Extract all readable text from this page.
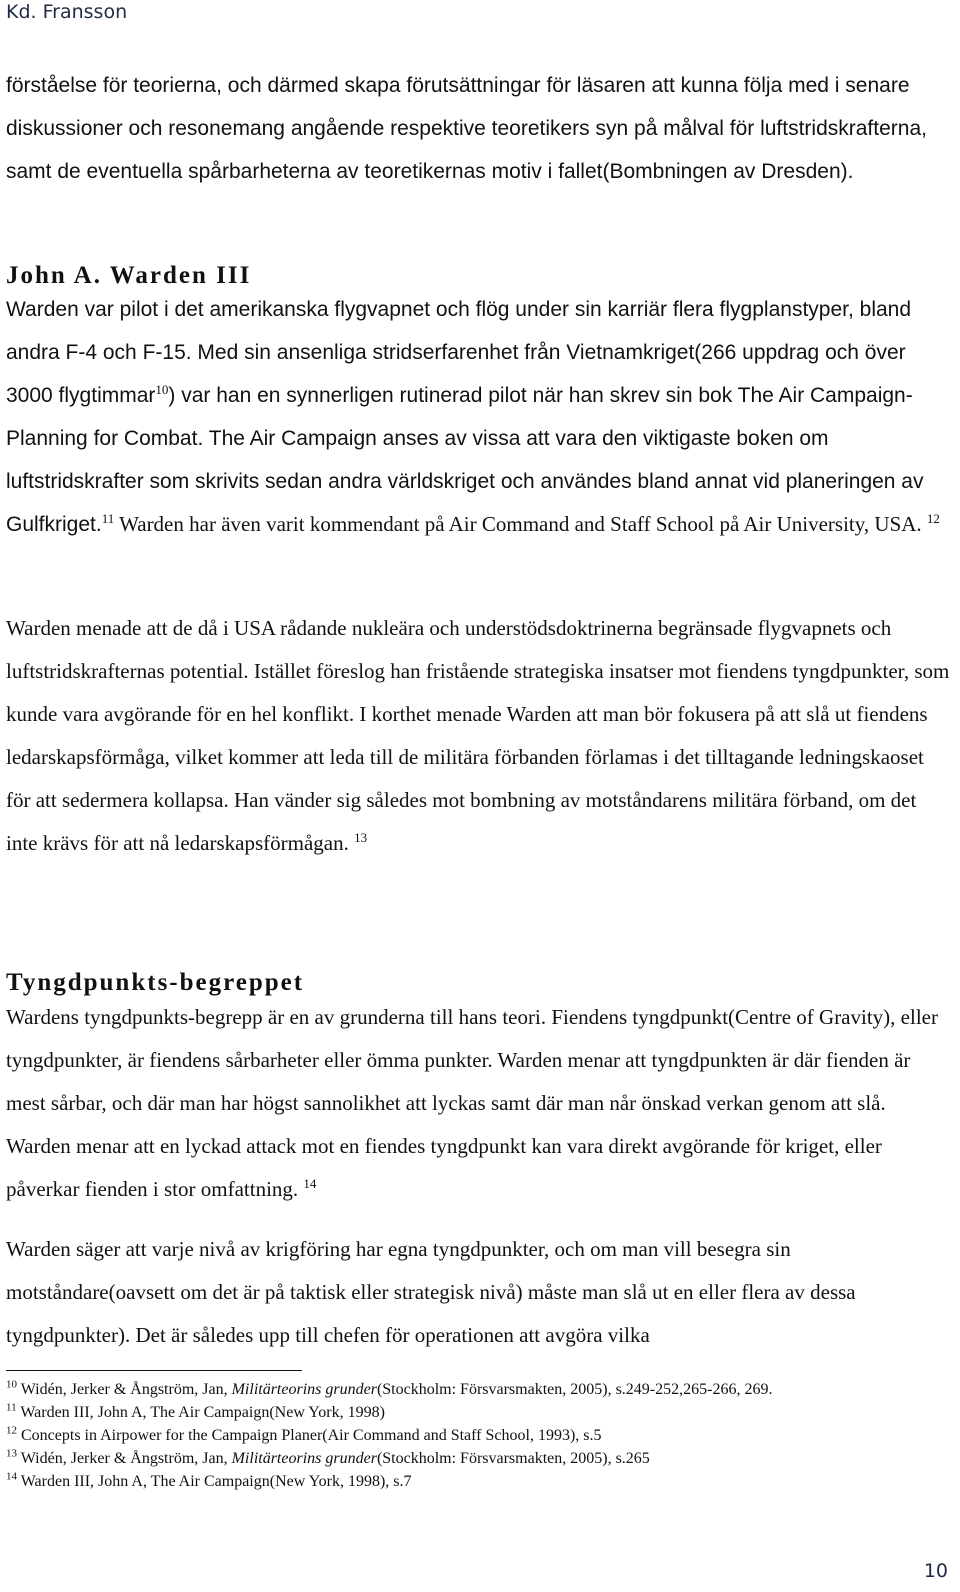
Kd. Fransson

förståelse för teorierna, och därmed skapa förutsättningar för läsaren att kunna följa med i senare diskussioner och resonemang angående respektive teoretikers syn på målval för luftstridskrafterna, samt de eventuella spårbarheterna av teoretikernas motiv i fallet(Bombningen av Dresden).

John A. Warden III

Warden var pilot i det amerikanska flygvapnet och flög under sin karriär flera flygplanstyper, bland andra F-4 och F-15. Med sin ansenliga stridserfarenhet från Vietnamkriget(266 uppdrag och över 3000 flygtimmar$^{10}$) var han en synnerligen rutinerad pilot när han skrev sin bok The Air Campaign- Planning for Combat. The Air Campaign anses av vissa att vara den viktigaste boken om luftstridskrafter som skrivits sedan andra världskriget och användes bland annat vid planeringen av Gulfkriget.$^{11}$ Warden har även varit kommendant på Air Command and Staff School på Air University, USA. $^{12}$

Warden menade att de då i USA rådande nukleära och understödsdoktrinerna begränsade flygvapnets och luftstridskrafternas potential. Istället föreslog han fristående strategiska insatser mot fiendens tyngdpunkter, som kunde vara avgörande för en hel konflikt. I korthet menade Warden att man bör fokusera på att slå ut fiendens ledarskapsförmåga, vilket kommer att leda till de militära förbanden förlamas i det tilltagande ledningskaoset för att sedermera kollapsa. Han vänder sig således mot bombning av motståndarens militära förband, om det inte krävs för att nå ledarskapsförmågan. $^{13}$

Tyngdpunkts-begreppet

Wardens tyngdpunkts-begrepp är en av grunderna till hans teori. Fiendens tyngdpunkt(Centre of Gravity), eller tyngdpunkter, är fiendens sårbarheter eller ömma punkter. Warden menar att tyngdpunkten är där fienden är mest sårbar, och där man har högst sannolikhet att lyckas samt där man når önskad verkan genom att slå. Warden menar att en lyckad attack mot en fiendes tyngdpunkt kan vara direkt avgörande för kriget, eller påverkar fienden i stor omfattning. $^{14}$

Warden säger att varje nivå av krigföring har egna tyngdpunkter, och om man vill besegra sin motståndare(oavsett om det är på taktisk eller strategisk nivå) måste man slå ut en eller flera av dessa tyngdpunkter). Det är således upp till chefen för operationen att avgöra vilka

$^{10}$ Widén, Jerker & Ångström, Jan, Militärteorins grunder(Stockholm: Försvarsmakten, 2005), s.249-252,265-266, 269.

$^{11}$ Warden III, John A, The Air Campaign(New York, 1998)

$^{12}$ Concepts in Airpower for the Campaign Planer(Air Command and Staff School, 1993), s.5

$^{13}$ Widén, Jerker & Ångström, Jan, Militärteorins grunder(Stockholm: Försvarsmakten, 2005), s.265

$^{14}$ Warden III, John A, The Air Campaign(New York, 1998), s.7

10
